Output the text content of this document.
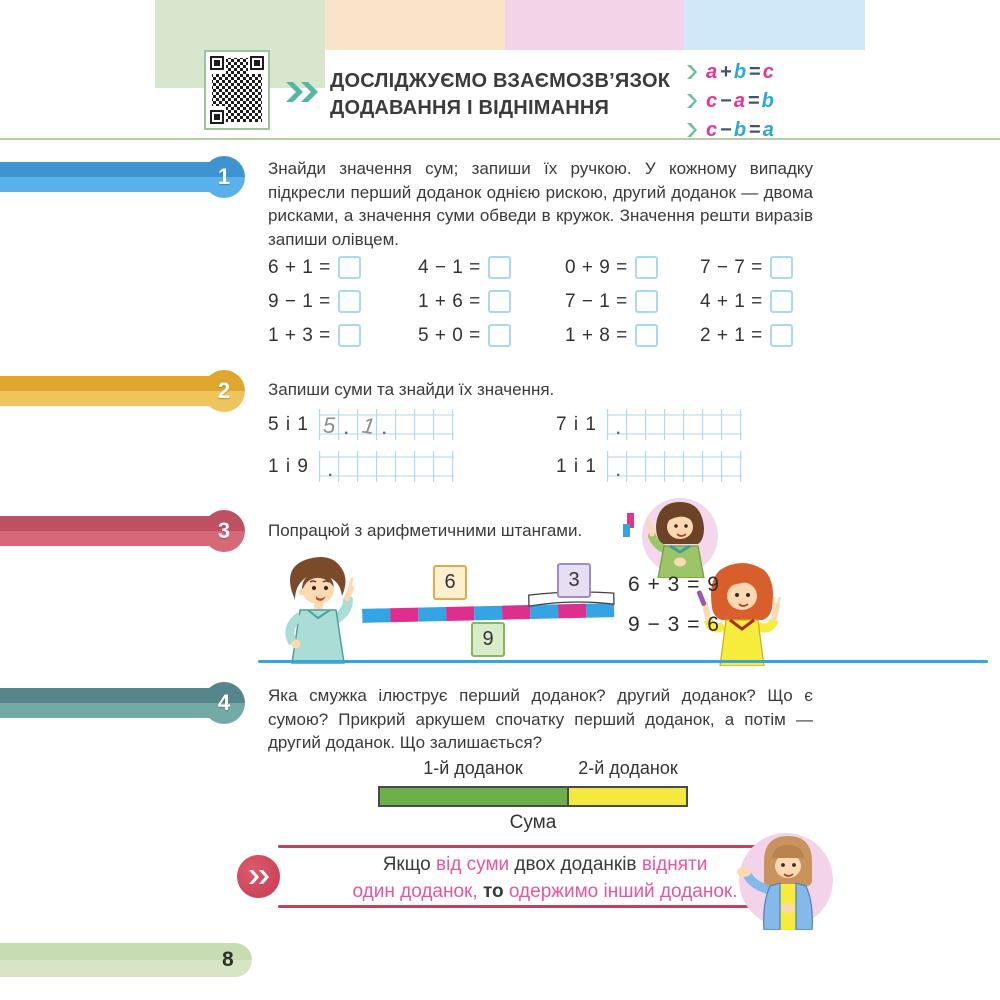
ДОСЛІДЖУЄМО ВЗАЄМОЗВ’ЯЗОК
ДОДАВАННЯ І ВІДНІМАННЯ
a + b = c
c − a = b
c − b = a
1 Знайди значення сум; запиши їх ручкою. У кожному випадку підкресли перший доданок однією рискою, другий доданок — двома рисками, а значення суми обведи в кружок. Значення решти виразів запиши олівцем.
6 + 1 =	4 − 1 =	0 + 9 =	7 − 7 =
9 − 1 =	1 + 6 =	7 − 1 =	4 + 1 =
1 + 3 =	5 + 0 =	1 + 8 =	2 + 1 =
2 Запиши суми та знайди їх значення.
5 і 1 5 . 1 .	7 і 1 .
1 і 9 .	1 і 1 .
3 Попрацюй з арифметичними штангами.
6	3
9
6 + 3 = 9
9 − 3 = 6
4 Яка смужка ілюструє перший доданок? другий доданок? Що є сумою? Прикрий аркушем спочатку перший доданок, а потім — другий доданок. Що залишається?
1-й доданок	2-й доданок
Сума
Якщо від суми двох доданків відняти
один доданок, то одержимо інший доданок.
8
